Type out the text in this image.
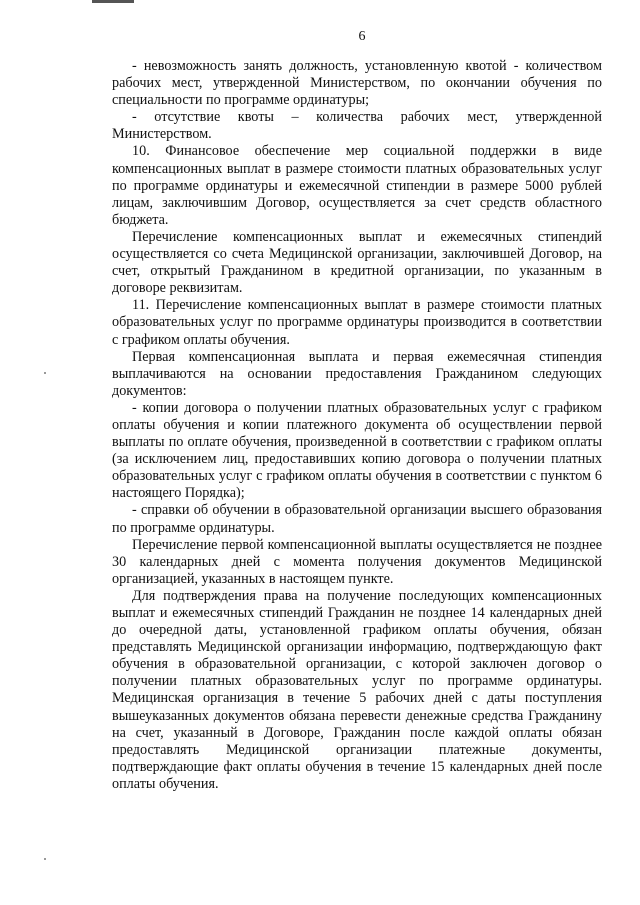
6

- невозможность занять должность, установленную квотой - количеством рабочих мест, утвержденной Министерством, по окончании обучения по специальности по программе ординатуры;

- отсутствие квоты – количества рабочих мест, утвержденной Министерством.

10. Финансовое обеспечение мер социальной поддержки в виде компенсационных выплат в размере стоимости платных образовательных услуг по программе ординатуры и ежемесячной стипендии в размере 5000 рублей лицам, заключившим Договор, осуществляется за счет средств областного бюджета.

Перечисление компенсационных выплат и ежемесячных стипендий осуществляется со счета Медицинской организации, заключившей Договор, на счет, открытый Гражданином в кредитной организации, по указанным в договоре реквизитам.

11. Перечисление компенсационных выплат в размере стоимости платных образовательных услуг по программе ординатуры производится в соответствии с графиком оплаты обучения.

Первая компенсационная выплата и первая ежемесячная стипендия выплачиваются на основании предоставления Гражданином следующих документов:

- копии договора о получении платных образовательных услуг с графиком оплаты обучения и копии платежного документа об осуществлении первой выплаты по оплате обучения, произведенной в соответствии с графиком оплаты (за исключением лиц, предоставивших копию договора о получении платных образовательных услуг с графиком оплаты обучения в соответствии с пунктом 6 настоящего Порядка);

- справки об обучении в образовательной организации высшего образования по программе ординатуры.

Перечисление первой компенсационной выплаты осуществляется не позднее 30 календарных дней с момента получения документов Медицинской организацией, указанных в настоящем пункте.

Для подтверждения права на получение последующих компенсационных выплат и ежемесячных стипендий Гражданин не позднее 14 календарных дней до очередной даты, установленной графиком оплаты обучения, обязан представлять Медицинской организации информацию, подтверждающую факт обучения в образовательной организации, с которой заключен договор о получении платных образовательных услуг по программе ординатуры. Медицинская организация в течение 5 рабочих дней с даты поступления вышеуказанных документов обязана перевести денежные средства Гражданину на счет, указанный в Договоре, Гражданин после каждой оплаты обязан предоставлять Медицинской организации платежные документы, подтверждающие факт оплаты обучения в течение 15 календарных дней после оплаты обучения.
